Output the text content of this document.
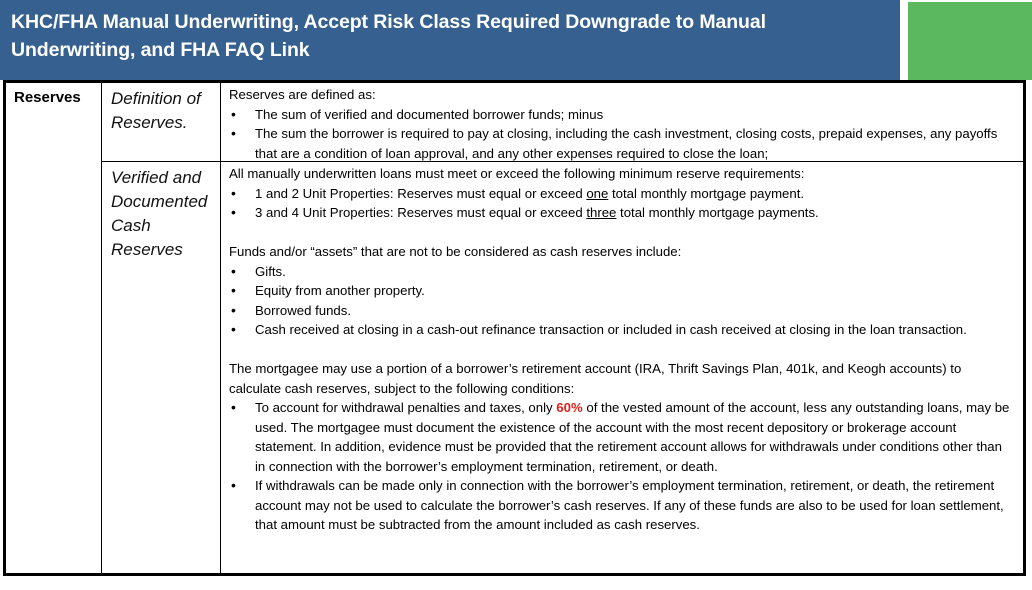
KHC/FHA Manual Underwriting, Accept Risk Class Required Downgrade to Manual Underwriting, and FHA FAQ Link
Reserves Definition of Reserves.
Verified and Documented Cash Reserves

Reserves are defined as:

• The sum of verified and documented borrower funds; minus
• The sum the borrower is required to pay at closing, including the cash investment, closing costs, prepaid expenses, any payoffs that are a condition of loan approval, and any other expenses required to close the loan;

All manually underwritten loans must meet or exceed the following minimum reserve requirements:

• 1 and 2 Unit Properties: Reserves must equal or exceed one total monthly mortgage payment.
• 3 and 4 Unit Properties: Reserves must equal or exceed three total monthly mortgage payments.

Funds and/or “assets” that are not to be considered as cash reserves include:

• Gifts.
• Equity from another property.
• Borrowed funds.
• Cash received at closing in a cash-out refinance transaction or included in cash received at closing in the loan transaction.

The mortgagee may use a portion of a borrower’s retirement account (IRA, Thrift Savings Plan, 401k, and Keogh accounts) to calculate cash reserves, subject to the following conditions:

• To account for withdrawal penalties and taxes, only 60% of the vested amount of the account, less any outstanding loans, may be used. The mortgagee must document the existence of the account with the most recent depository or brokerage account statement. In addition, evidence must be provided that the retirement account allows for withdrawals under conditions other than in connection with the borrower’s employment termination, retirement, or death.
• If withdrawals can be made only in connection with the borrower’s employment termination, retirement, or death, the retirement account may not be used to calculate the borrower’s cash reserves. If any of these funds are also to be used for loan settlement, that amount must be subtracted from the amount included as cash reserves.
